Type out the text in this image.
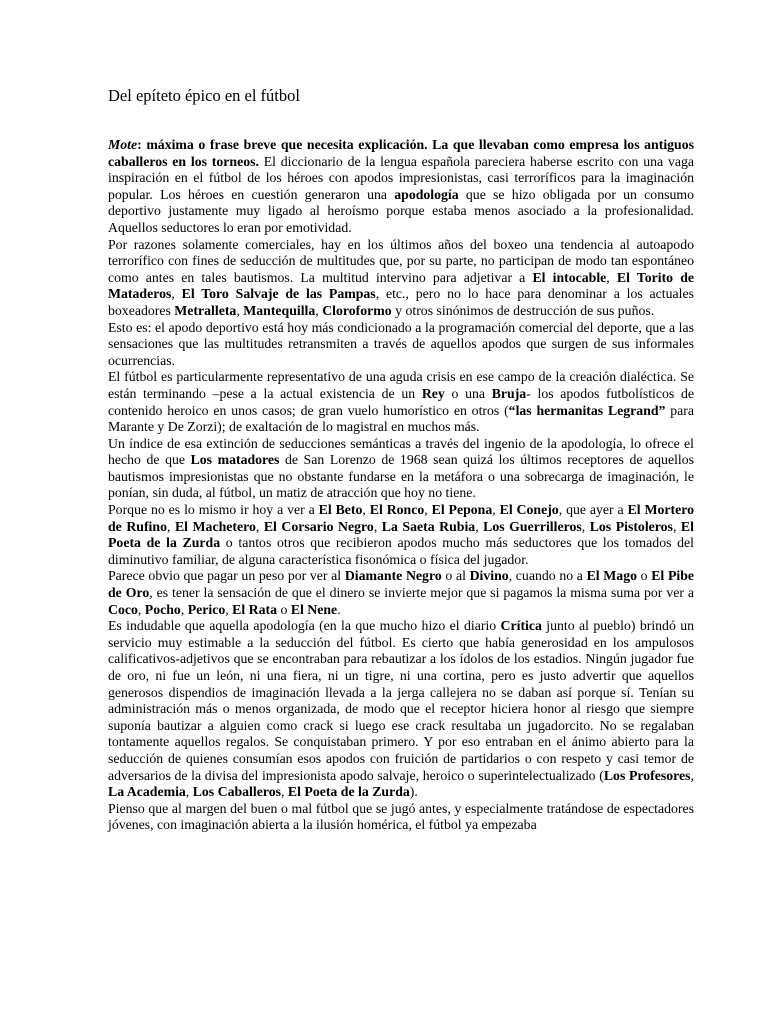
Del epíteto épico en el fútbol

Mote: máxima o frase breve que necesita explicación. La que llevaban como empresa los antiguos caballeros en los torneos. El diccionario de la lengua española pareciera haberse escrito con una vaga inspiración en el fútbol de los héroes con apodos impresionistas, casi terroríficos para la imaginación popular. Los héroes en cuestión generaron una apodología que se hizo obligada por un consumo deportivo justamente muy ligado al heroísmo porque estaba menos asociado a la profesionalidad. Aquellos seductores lo eran por emotividad.

Por razones solamente comerciales, hay en los últimos años del boxeo una tendencia al autoapodo terrorífico con fines de seducción de multitudes que, por su parte, no participan de modo tan espontáneo como antes en tales bautismos. La multitud intervino para adjetivar a El intocable, El Torito de Mataderos, El Toro Salvaje de las Pampas, etc., pero no lo hace para denominar a los actuales boxeadores Metralleta, Mantequilla, Cloroformo y otros sinónimos de destrucción de sus puños.

Esto es: el apodo deportivo está hoy más condicionado a la programación comercial del deporte, que a las sensaciones que las multitudes retransmiten a través de aquellos apodos que surgen de sus informales ocurrencias.

El fútbol es particularmente representativo de una aguda crisis en ese campo de la creación dialéctica. Se están terminando –pese a la actual existencia de un Rey o una Bruja- los apodos futbolísticos de contenido heroico en unos casos; de gran vuelo humorístico en otros (“las hermanitas Legrand” para Marante y De Zorzi); de exaltación de lo magistral en muchos más.

Un índice de esa extinción de seducciones semánticas a través del ingenio de la apodología, lo ofrece el hecho de que Los matadores de San Lorenzo de 1968 sean quizá los últimos receptores de aquellos bautismos impresionistas que no obstante fundarse en la metáfora o una sobrecarga de imaginación, le ponían, sin duda, al fútbol, un matiz de atracción que hoy no tiene.

Porque no es lo mismo ir hoy a ver a El Beto, El Ronco, El Pepona, El Conejo, que ayer a El Mortero de Rufino, El Machetero, El Corsario Negro, La Saeta Rubia, Los Guerrilleros, Los Pistoleros, El Poeta de la Zurda o tantos otros que recibieron apodos mucho más seductores que los tomados del diminutivo familiar, de alguna característica fisonómica o física del jugador.

Parece obvio que pagar un peso por ver al Diamante Negro o al Divino, cuando no a El Mago o El Pibe de Oro, es tener la sensación de que el dinero se invierte mejor que si pagamos la misma suma por ver a Coco, Pocho, Perico, El Rata o El Nene.

Es indudable que aquella apodología (en la que mucho hizo el diario Crítica junto al pueblo) brindó un servicio muy estimable a la seducción del fútbol. Es cierto que había generosidad en los ampulosos calificativos-adjetivos que se encontraban para rebautizar a los ídolos de los estadios. Ningún jugador fue de oro, ni fue un león, ni una fiera, ni un tigre, ni una cortina, pero es justo advertir que aquellos generosos dispendios de imaginación llevada a la jerga callejera no se daban así porque sí. Tenían su administración más o menos organizada, de modo que el receptor hiciera honor al riesgo que siempre suponía bautizar a alguien como crack si luego ese crack resultaba un jugadorcito. No se regalaban tontamente aquellos regalos. Se conquistaban primero. Y por eso entraban en el ánimo abierto para la seducción de quienes consumían esos apodos con fruición de partidarios o con respeto y casi temor de adversarios de la divisa del impresionista apodo salvaje, heroico o superintelectualizado (Los Profesores, La Academia, Los Caballeros, El Poeta de la Zurda).

Pienso que al margen del buen o mal fútbol que se jugó antes, y especialmente tratándose de espectadores jóvenes, con imaginación abierta a la ilusión homérica, el fútbol ya empezaba
